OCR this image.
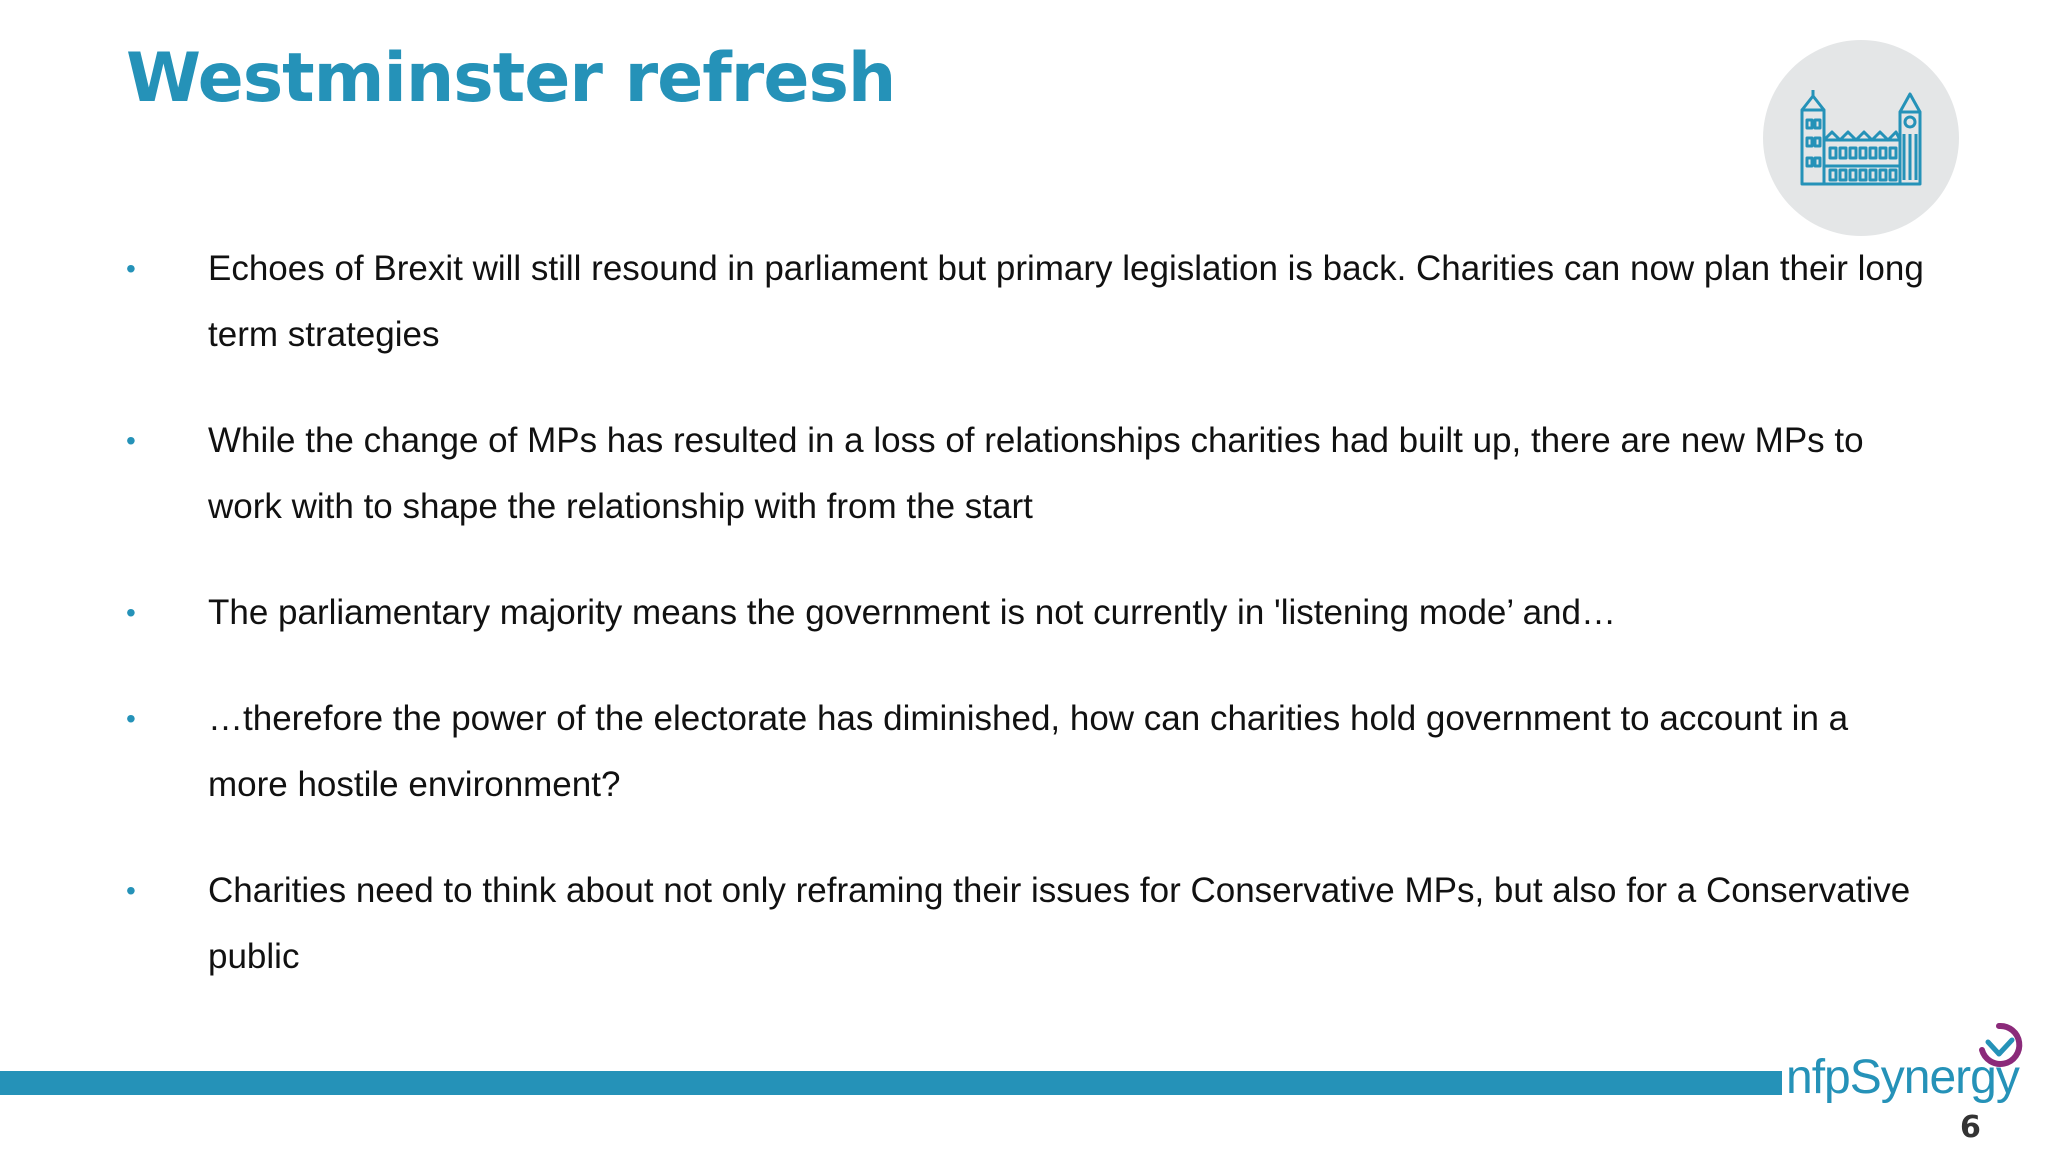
Westminster refresh
• Echoes of Brexit will still resound in parliament but primary legislation is back. Charities can now plan their long term strategies
• While the change of MPs has resulted in a loss of relationships charities had built up, there are new MPs to work with to shape the relationship with from the start
• The parliamentary majority means the government is not currently in 'listening mode’ and…
• …therefore the power of the electorate has diminished, how can charities hold government to account in a more hostile environment?
• Charities need to think about not only reframing their issues for Conservative MPs, but also for a Conservative public
nfpSynergy
6
